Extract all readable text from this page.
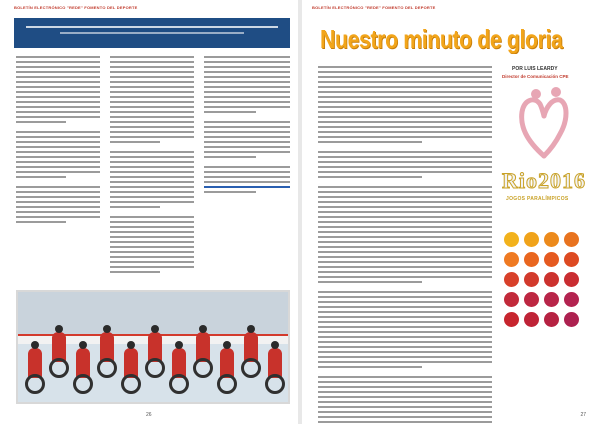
BOLETÍN ELECTRÓNICO "REDE" FOMENTO DEL DEPORTE
26
BOLETÍN ELECTRÓNICO "REDE" FOMENTO DEL DEPORTE
Nuestro minuto de gloria
POR LUIS LEARDY
Director de Comunicación CPE
Rio2016
JOGOS PARALÍMPICOS
27
